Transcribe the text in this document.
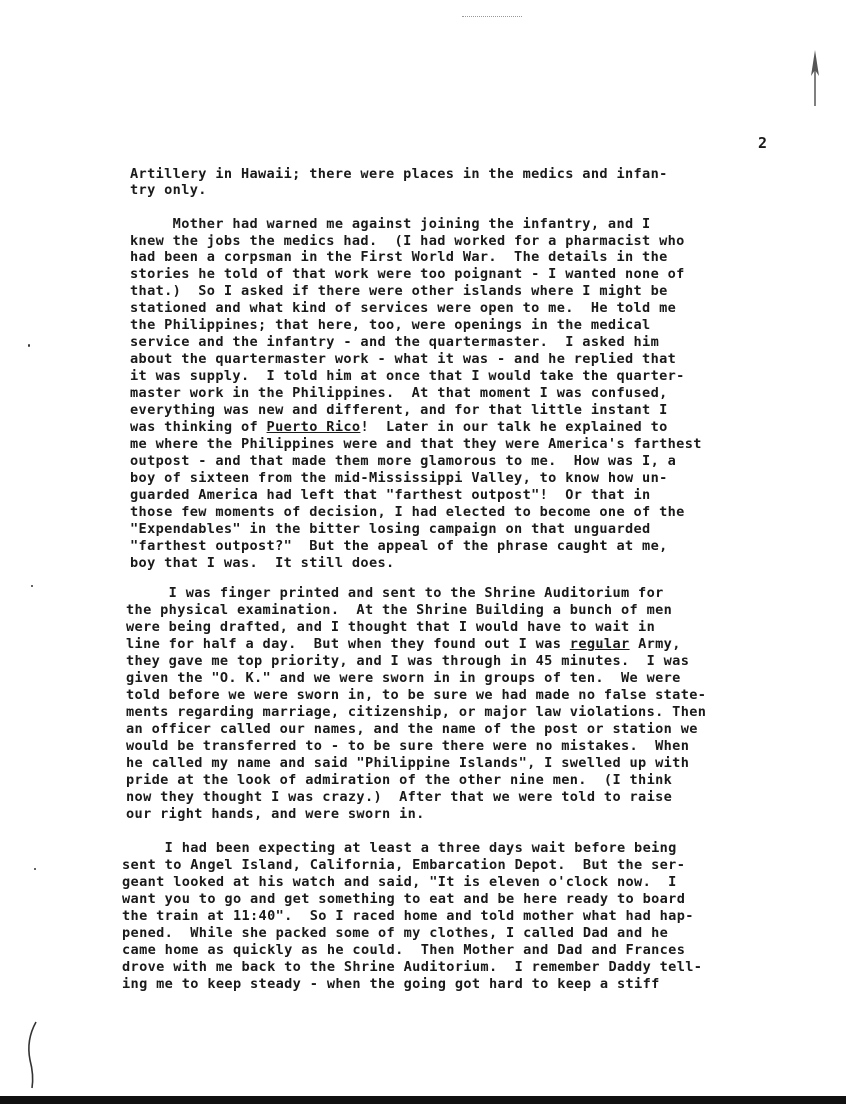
2
Artillery in Hawaii; there were places in the medics and infan-
try only.
Mother had warned me against joining the infantry, and I
knew the jobs the medics had.  (I had worked for a pharmacist who
had been a corpsman in the First World War.  The details in the
stories he told of that work were too poignant - I wanted none of
that.)  So I asked if there were other islands where I might be
stationed and what kind of services were open to me.  He told me
the Philippines; that here, too, were openings in the medical
service and the infantry - and the quartermaster.  I asked him
about the quartermaster work - what it was - and he replied that
it was supply.  I told him at once that I would take the quarter-
master work in the Philippines.  At that moment I was confused,
everything was new and different, and for that little instant I
was thinking of Puerto Rico!  Later in our talk he explained to
me where the Philippines were and that they were America's farthest
outpost - and that made them more glamorous to me.  How was I, a
boy of sixteen from the mid-Mississippi Valley, to know how un-
guarded America had left that "farthest outpost"!  Or that in
those few moments of decision, I had elected to become one of the
"Expendables" in the bitter losing campaign on that unguarded
"farthest outpost?"  But the appeal of the phrase caught at me,
boy that I was.  It still does.
I was finger printed and sent to the Shrine Auditorium for
the physical examination.  At the Shrine Building a bunch of men
were being drafted, and I thought that I would have to wait in
line for half a day.  But when they found out I was regular Army,
they gave me top priority, and I was through in 45 minutes.  I was
given the "O. K." and we were sworn in in groups of ten.  We were
told before we were sworn in, to be sure we had made no false state-
ments regarding marriage, citizenship, or major law violations. Then
an officer called our names, and the name of the post or station we
would be transferred to - to be sure there were no mistakes.  When
he called my name and said "Philippine Islands", I swelled up with
pride at the look of admiration of the other nine men.  (I think
now they thought I was crazy.)  After that we were told to raise
our right hands, and were sworn in.
I had been expecting at least a three days wait before being
sent to Angel Island, California, Embarcation Depot.  But the ser-
geant looked at his watch and said, "It is eleven o'clock now.  I
want you to go and get something to eat and be here ready to board
the train at 11:40".  So I raced home and told mother what had hap-
pened.  While she packed some of my clothes, I called Dad and he
came home as quickly as he could.  Then Mother and Dad and Frances
drove with me back to the Shrine Auditorium.  I remember Daddy tell-
ing me to keep steady - when the going got hard to keep a stiff
